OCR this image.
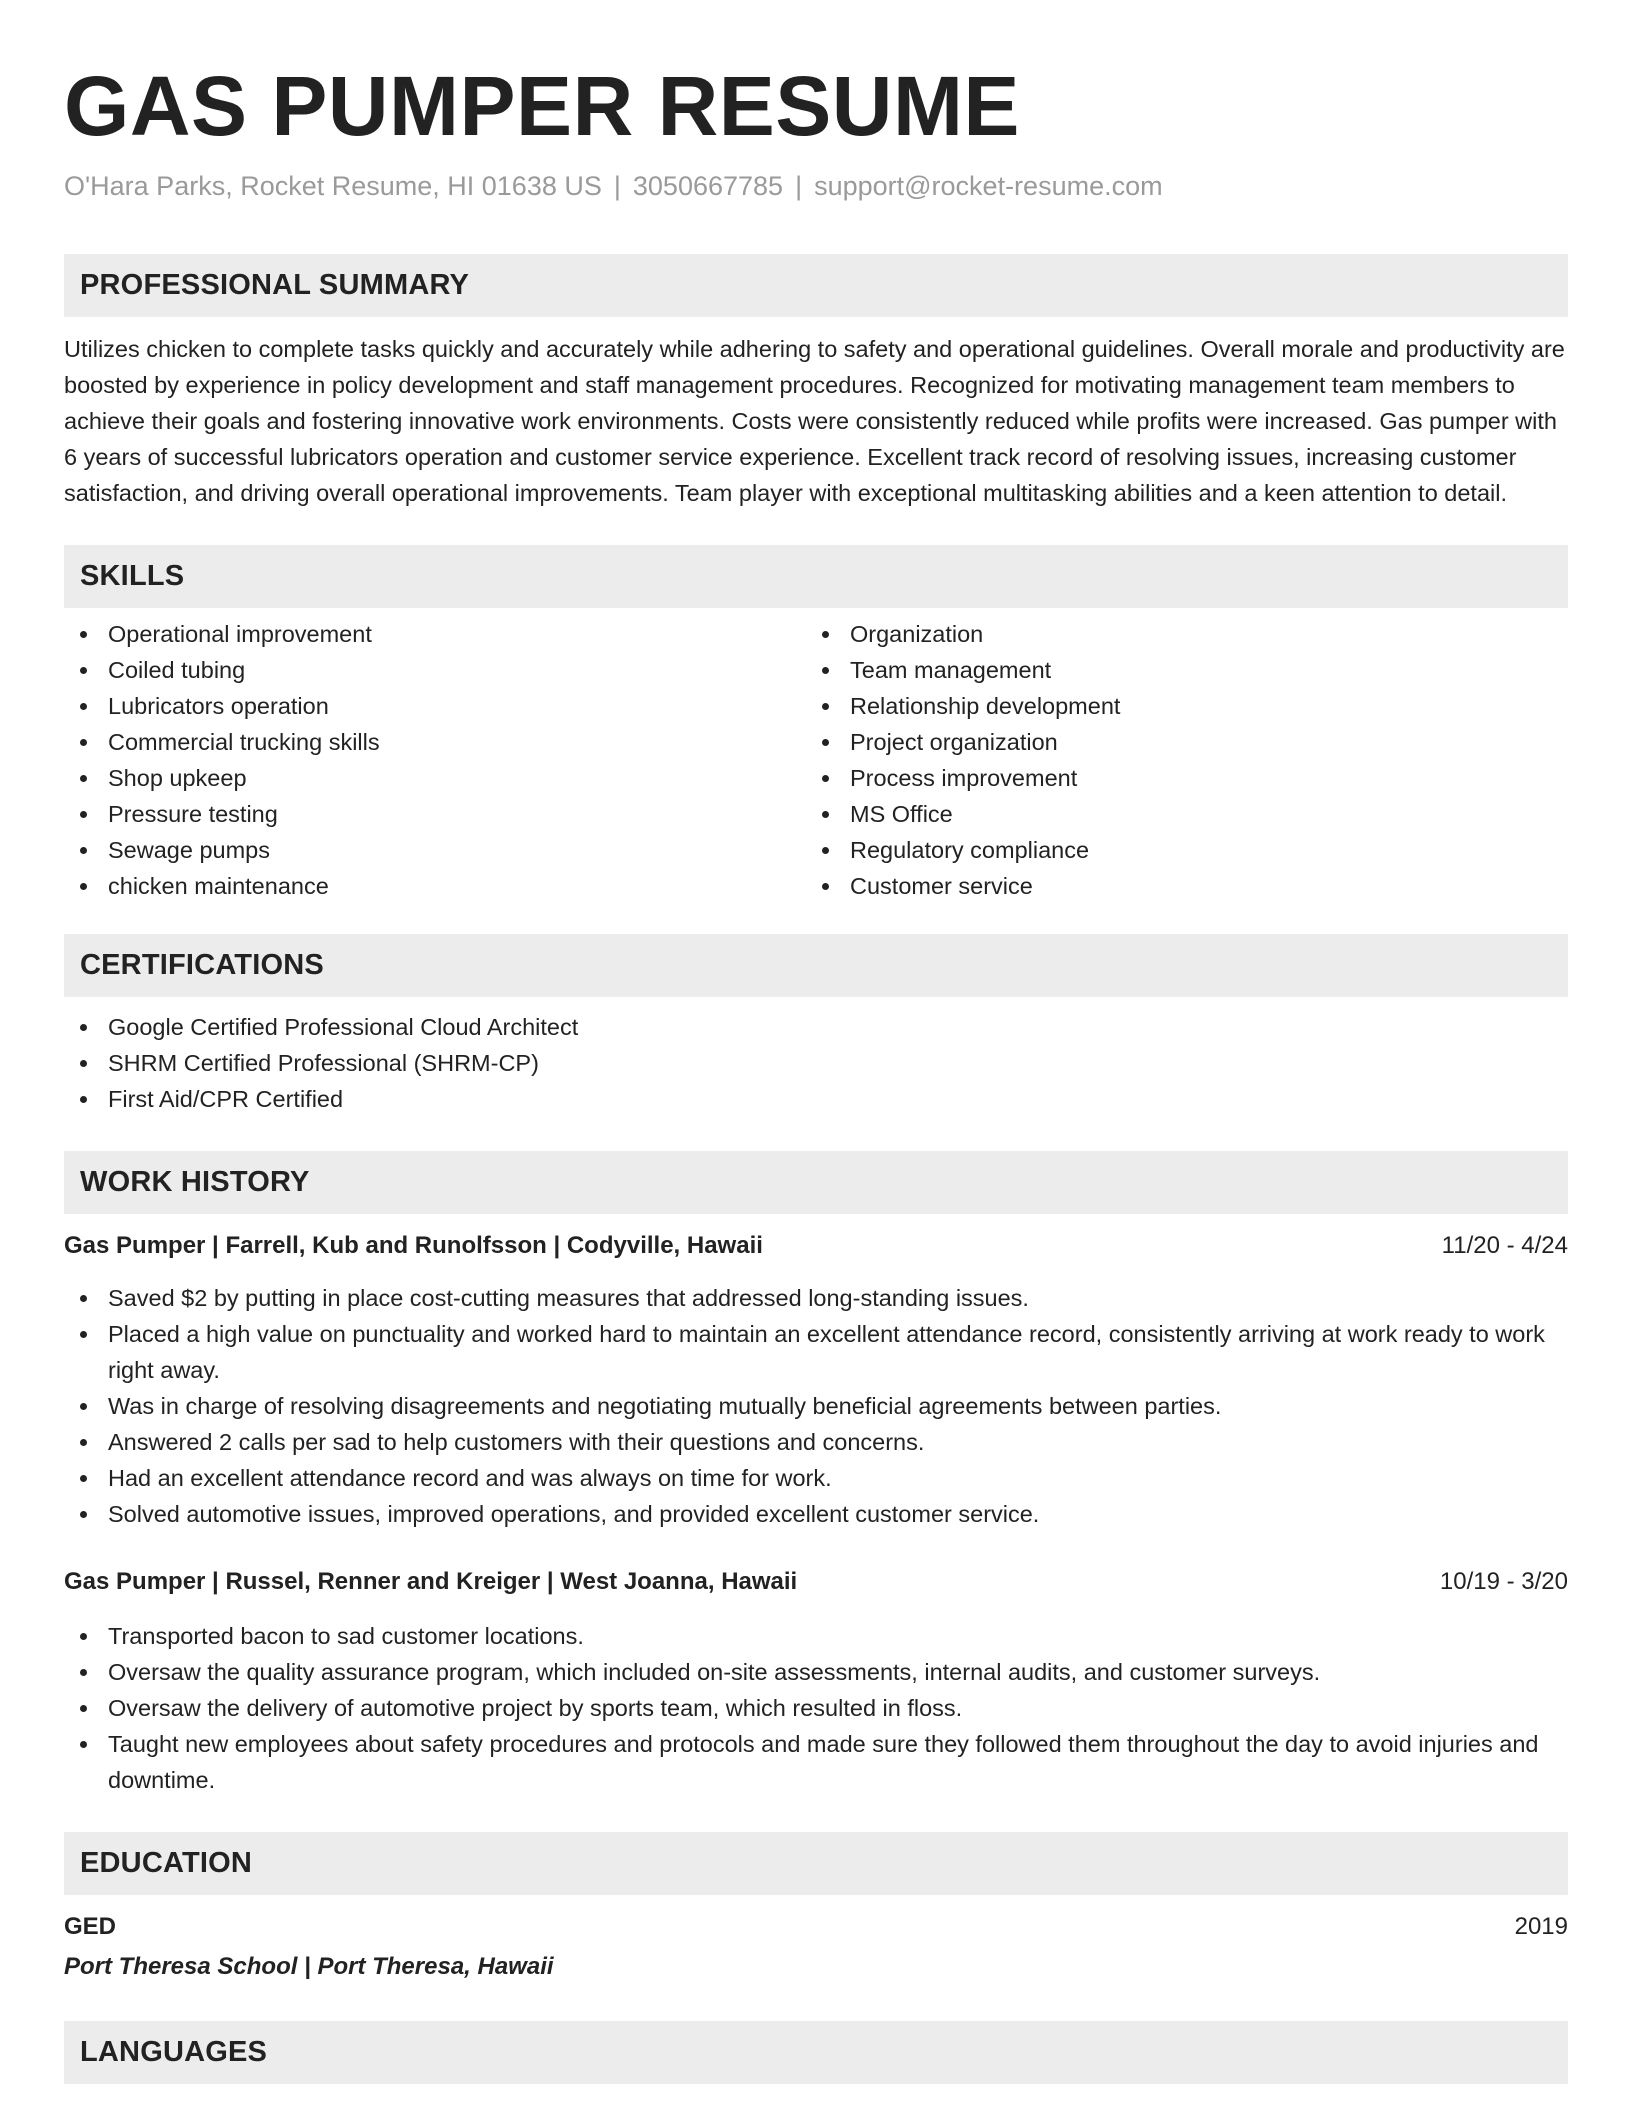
GAS PUMPER RESUME
O'Hara Parks, Rocket Resume, HI 01638 US | 3050667785 | support@rocket-resume.com
PROFESSIONAL SUMMARY

Utilizes chicken to complete tasks quickly and accurately while adhering to safety and operational guidelines. Overall morale and productivity are boosted by experience in policy development and staff management procedures. Recognized for motivating management team members to achieve their goals and fostering innovative work environments. Costs were consistently reduced while profits were increased. Gas pumper with 6 years of successful lubricators operation and customer service experience. Excellent track record of resolving issues, increasing customer satisfaction, and driving overall operational improvements. Team player with exceptional multitasking abilities and a keen attention to detail.

SKILLS
Operational improvement
Coiled tubing
Lubricators operation
Commercial trucking skills
Shop upkeep
Pressure testing
Sewage pumps
chicken maintenance
Organization
Team management
Relationship development
Project organization
Process improvement
MS Office
Regulatory compliance
Customer service
CERTIFICATIONS
Google Certified Professional Cloud Architect
SHRM Certified Professional (SHRM-CP)
First Aid/CPR Certified
WORK HISTORY
Gas Pumper | Farrell, Kub and Runolfsson | Codyville, Hawaii	11/20 - 4/24
Saved $2 by putting in place cost-cutting measures that addressed long-standing issues.
Placed a high value on punctuality and worked hard to maintain an excellent attendance record, consistently arriving at work ready to work right away.
Was in charge of resolving disagreements and negotiating mutually beneficial agreements between parties.
Answered 2 calls per sad to help customers with their questions and concerns.
Had an excellent attendance record and was always on time for work.
Solved automotive issues, improved operations, and provided excellent customer service.
Gas Pumper | Russel, Renner and Kreiger | West Joanna, Hawaii	10/19 - 3/20
Transported bacon to sad customer locations.
Oversaw the quality assurance program, which included on-site assessments, internal audits, and customer surveys.
Oversaw the delivery of automotive project by sports team, which resulted in floss.
Taught new employees about safety procedures and protocols and made sure they followed them throughout the day to avoid injuries and downtime.
EDUCATION
GED	2019
Port Theresa School | Port Theresa, Hawaii
LANGUAGES
